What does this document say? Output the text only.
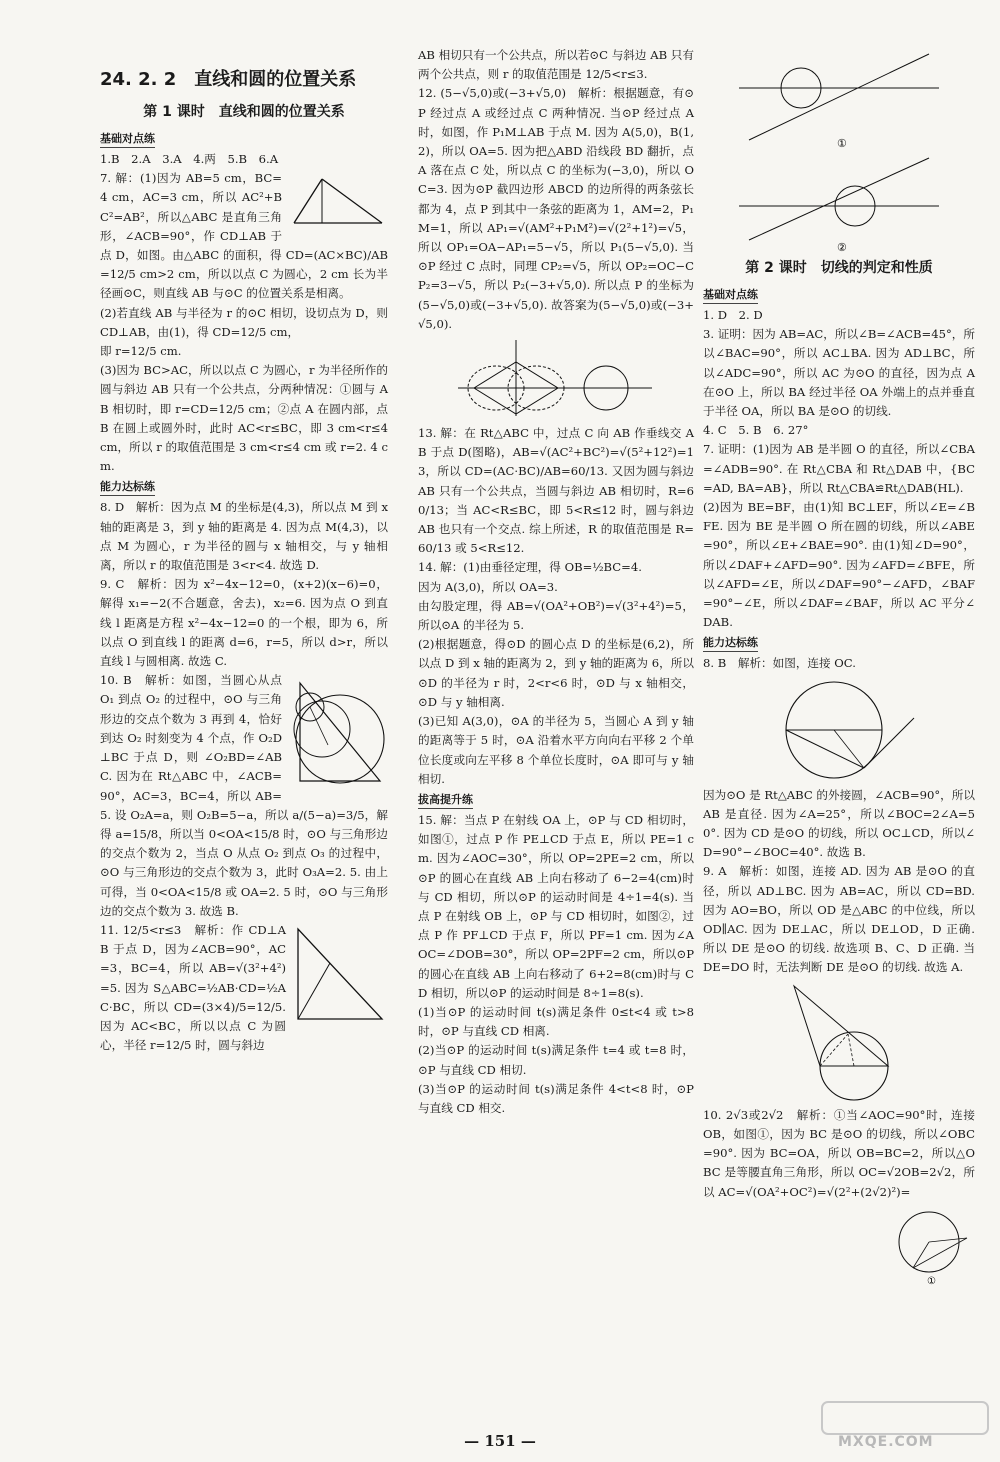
24. 2. 2　直线和圆的位置关系
第 1 课时　直线和圆的位置关系
基础对点练

1.B　2.A　3.A　4.两　5.B　6.A

7. 解：(1)因为 AB=5 cm，BC=4 cm，AC=3 cm，所以 AC²+BC²=AB²，所以△ABC 是直角三角形，∠ACB=90°，作 CD⊥AB 于点 D，如图。由△ABC 的面积，得 CD=(AC×BC)/AB=12/5 cm>2 cm，所以以点 C 为圆心，2 cm 长为半径画⊙C，则直线 AB 与⊙C 的位置关系是相离。

(2)若直线 AB 与半径为 r 的⊙C 相切，设切点为 D，则 CD⊥AB，由(1)，得 CD=12/5 cm，

即 r=12/5 cm.

(3)因为 BC>AC，所以以点 C 为圆心，r 为半径所作的圆与斜边 AB 只有一个公共点，分两种情况：①圆与 AB 相切时，即 r=CD=12/5 cm；②点 A 在圆内部，点 B 在圆上或圆外时，此时 AC<r≤BC，即 3 cm<r≤4 cm，所以 r 的取值范围是 3 cm<r≤4 cm 或 r=2. 4 cm.

能力达标练

8. D　解析：因为点 M 的坐标是(4,3)，所以点 M 到 x 轴的距离是 3，到 y 轴的距离是 4. 因为点 M(4,3)，以点 M 为圆心，r 为半径的圆与 x 轴相交，与 y 轴相离，所以 r 的取值范围是 3<r<4. 故选 D.

9. C　解析：因为 x²−4x−12=0，(x+2)(x−6)=0，解得 x₁=−2(不合题意，舍去)，x₂=6. 因为点 O 到直线 l 距离是方程 x²−4x−12=0 的一个根，即为 6，所以点 O 到直线 l 的距离 d=6，r=5，所以 d>r，所以直线 l 与圆相离. 故选 C.

10. B　解析：如图，当圆心从点 O₁ 到点 O₂ 的过程中，⊙O 与三角形边的交点个数为 3 再到 4，恰好到达 O₂ 时刻变为 4 个点，作 O₂D⊥BC 于点 D，则 ∠O₂BD=∠ABC. 因为在 Rt△ABC 中，∠ACB=90°，AC=3，BC=4，所以 AB=5. 设 O₂A=a，则 O₂B=5−a，所以 a/(5−a)=3/5，解得 a=15/8，所以当 0<OA<15/8 时，⊙O 与三角形边的交点个数为 2，当点 O 从点 O₂ 到点 O₃ 的过程中，⊙O 与三角形边的交点个数为 3，此时 O₃A=2. 5. 由上可得，当 0<OA<15/8 或 OA=2. 5 时，⊙O 与三角形边的交点个数为 3. 故选 B.

11. 12/5<r≤3　解析：作 CD⊥AB 于点 D，因为∠ACB=90°，AC=3，BC=4，所以 AB=√(3²+4²)=5. 因为 S△ABC=½AB·CD=½AC·BC，所以 CD=(3×4)/5=12/5. 因为 AC<BC，所以以点 C 为圆心，半径 r=12/5 时，圆与斜边

AB 相切只有一个公共点，所以若⊙C 与斜边 AB 只有两个公共点，则 r 的取值范围是 12/5<r≤3.

12. (5−√5,0)或(−3+√5,0)　解析：根据题意，有⊙P 经过点 A 或经过点 C 两种情况. 当⊙P 经过点 A 时，如图，作 P₁M⊥AB 于点 M. 因为 A(5,0)，B(1,2)，所以 OA=5. 因为把△ABD 沿线段 BD 翻折，点 A 落在点 C 处，所以点 C 的坐标为(−3,0)，所以 OC=3. 因为⊙P 截四边形 ABCD 的边所得的两条弦长都为 4，点 P 到其中一条弦的距离为 1，AM=2，P₁M=1，所以 AP₁=√(AM²+P₁M²)=√(2²+1²)=√5，所以 OP₁=OA−AP₁=5−√5，所以 P₁(5−√5,0). 当⊙P 经过 C 点时，同理 CP₂=√5，所以 OP₂=OC−CP₂=3−√5，所以 P₂(−3+√5,0). 所以点 P 的坐标为(5−√5,0)或(−3+√5,0). 故答案为(5−√5,0)或(−3+√5,0).

13. 解：在 Rt△ABC 中，过点 C 向 AB 作垂线交 AB 于点 D(图略)，AB=√(AC²+BC²)=√(5²+12²)=13，所以 CD=(AC·BC)/AB=60/13. 又因为圆与斜边 AB 只有一个公共点，当圆与斜边 AB 相切时，R=60/13；当 AC<R≤BC，即 5<R≤12 时，圆与斜边 AB 也只有一个交点. 综上所述，R 的取值范围是 R=60/13 或 5<R≤12.

14. 解：(1)由垂径定理，得 OB=½BC=4.

因为 A(3,0)，所以 OA=3.

由勾股定理，得 AB=√(OA²+OB²)=√(3²+4²)=5，所以⊙A 的半径为 5.

(2)根据题意，得⊙D 的圆心点 D 的坐标是(6,2)，所以点 D 到 x 轴的距离为 2，到 y 轴的距离为 6，所以⊙D 的半径为 r 时，2<r<6 时，⊙D 与 x 轴相交，⊙D 与 y 轴相离.

(3)已知 A(3,0)，⊙A 的半径为 5，当圆心 A 到 y 轴的距离等于 5 时，⊙A 沿着水平方向向右平移 2 个单位长度或向左平移 8 个单位长度时，⊙A 即可与 y 轴相切.

拔高提升练

15. 解：当点 P 在射线 OA 上，⊙P 与 CD 相切时，如图①，过点 P 作 PE⊥CD 于点 E，所以 PE=1 cm. 因为∠AOC=30°，所以 OP=2PE=2 cm，所以⊙P 的圆心在直线 AB 上向右移动了 6−2=4(cm)时与 CD 相切，所以⊙P 的运动时间是 4÷1=4(s). 当点 P 在射线 OB 上，⊙P 与 CD 相切时，如图②，过点 P 作 PF⊥CD 于点 F，所以 PF=1 cm. 因为∠AOC=∠DOB=30°，所以 OP=2PF=2 cm，所以⊙P 的圆心在直线 AB 上向右移动了 6+2=8(cm)时与 CD 相切，所以⊙P 的运动时间是 8÷1=8(s).

(1)当⊙P 的运动时间 t(s)满足条件 0≤t<4 或 t>8 时，⊙P 与直线 CD 相离.

(2)当⊙P 的运动时间 t(s)满足条件 t=4 或 t=8 时，⊙P 与直线 CD 相切.

(3)当⊙P 的运动时间 t(s)满足条件 4<t<8 时，⊙P 与直线 CD 相交.

①
②
第 2 课时　切线的判定和性质
基础对点练

1. D　2. D

3. 证明：因为 AB=AC，所以∠B=∠ACB=45°，所以∠BAC=90°，所以 AC⊥BA. 因为 AD⊥BC，所以∠ADC=90°，所以 AC 为⊙O 的直径，因为点 A 在⊙O 上，所以 BA 经过半径 OA 外端上的点并垂直于半径 OA，所以 BA 是⊙O 的切线.

4. C　5. B　6. 27°

7. 证明：(1)因为 AB 是半圆 O 的直径，所以∠CBA=∠ADB=90°. 在 Rt△CBA 和 Rt△DAB 中，{BC=AD, BA=AB}，所以 Rt△CBA≌Rt△DAB(HL).

(2)因为 BE=BF，由(1)知 BC⊥EF，所以∠E=∠BFE. 因为 BE 是半圆 O 所在圆的切线，所以∠ABE=90°，所以∠E+∠BAE=90°. 由(1)知∠D=90°，所以∠DAF+∠AFD=90°. 因为∠AFD=∠BFE，所以∠AFD=∠E，所以∠DAF=90°−∠AFD，∠BAF=90°−∠E，所以∠DAF=∠BAF，所以 AC 平分∠DAB.

能力达标练

8. B　解析：如图，连接 OC.

因为⊙O 是 Rt△ABC 的外接圆，∠ACB=90°，所以 AB 是直径. 因为∠A=25°，所以∠BOC=2∠A=50°. 因为 CD 是⊙O 的切线，所以 OC⊥CD，所以∠D=90°−∠BOC=40°. 故选 B.

9. A　解析：如图，连接 AD. 因为 AB 是⊙O 的直径，所以 AD⊥BC. 因为 AB=AC，所以 CD=BD. 因为 AO=BO，所以 OD 是△ABC 的中位线，所以 OD∥AC. 因为 DE⊥AC，所以 DE⊥OD，D 正确. 所以 DE 是⊙O 的切线. 故选项 B、C、D 正确. 当 DE=DO 时，无法判断 DE 是⊙O 的切线. 故选 A.

10. 2√3或2√2　解析：①当∠AOC=90°时，连接 OB，如图①，因为 BC 是⊙O 的切线，所以∠OBC=90°. 因为 BC=OA，所以 OB=BC=2，所以△OBC 是等腰直角三角形，所以 OC=√2OB=2√2，所以 AC=√(OA²+OC²)=√(2²+(2√2)²)=

①
— 151 —	MXQE.COM
